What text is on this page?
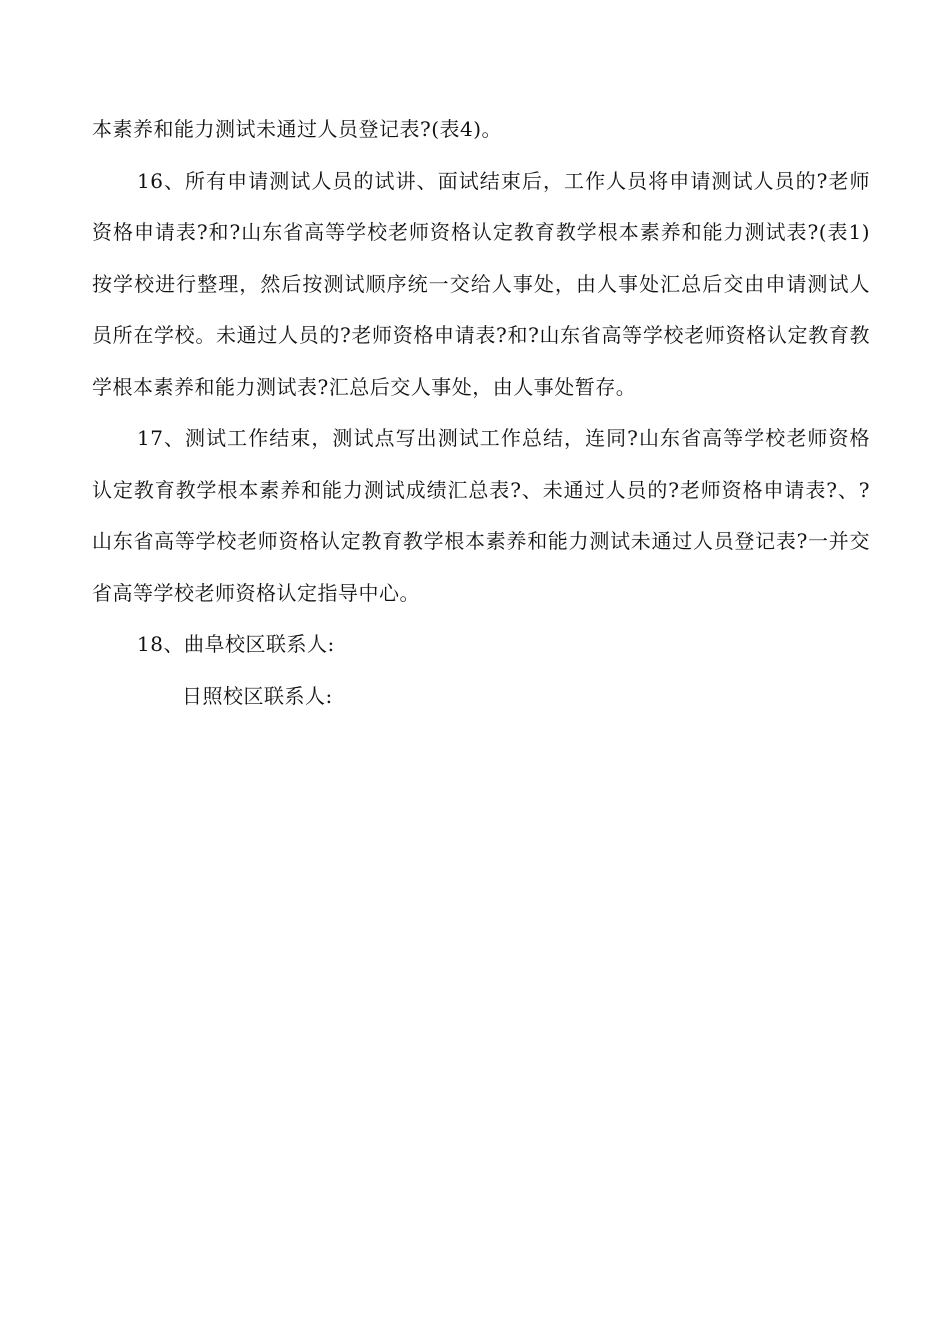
本素养和能力测试未通过人员登记表?(表4)。

16、所有申请测试人员的试讲、面试结束后，工作人员将申请测试人员的?老师资格申请表?和?山东省高等学校老师资格认定教育教学根本素养和能力测试表?(表1)按学校进行整理，然后按测试顺序统一交给人事处，由人事处汇总后交由申请测试人员所在学校。未通过人员的?老师资格申请表?和?山东省高等学校老师资格认定教育教学根本素养和能力测试表?汇总后交人事处，由人事处暂存。

17、测试工作结束，测试点写出测试工作总结，连同?山东省高等学校老师资格认定教育教学根本素养和能力测试成绩汇总表?、未通过人员的?老师资格申请表?、?山东省高等学校老师资格认定教育教学根本素养和能力测试未通过人员登记表?一并交省高等学校老师资格认定指导中心。

18、曲阜校区联系人:

日照校区联系人:
